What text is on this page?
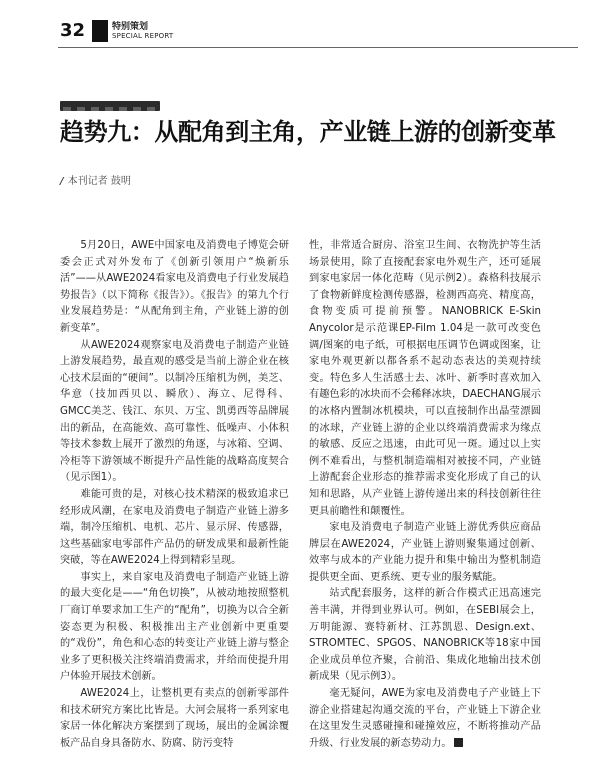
32	特别策划
SPECIAL REPORT
趋势九：从配角到主角，产业链上游的创新变革
/ 本刊记者 鼓明

5月20日，AWE中国家电及消费电子博览会研委会正式对外发布了《创新引领用户“焕新乐活”——从AWE2024看家电及消费电子行业发展趋势报告》（以下简称《报告》）。《报告》的第九个行业发展趋势是：“从配角到主角，产业链上游的创新变革”。

从AWE2024观察家电及消费电子制造产业链上游发展趋势，最直观的感受是当前上游企业在核心技术层面的“硬间”。以制冷压缩机为例，美芝、华意（技加西贝以、瞬欣）、海立、尼得科、GMCC美芝、钱江、东贝、万宝、凯勇西等品牌展出的新品，在高能效、高可靠性、低噪声、小体积等技术参数上展开了激烈的角逐，与冰箱、空调、冷柜等下游领域不断提升产品性能的战略高度契合（见示图1）。

难能可贵的是，对核心技术精深的极致追求已经形成风潮，在家电及消费电子制造产业链上游多端，制冷压缩机、电机、芯片、显示屏、传感器，这些基础家电零部件产品仍的研发成果和最新性能突破，等在AWE2024上得到精彩呈现。

事实上，来自家电及消费电子制造产业链上游的最大变化是——“角色切换”，从被动地按照整机厂商订单要求加工生产的“配角”，切换为以合全新姿态更为积极、积极推出主产业创新中更重要的“戏份”，角色和心态的转变让产业链上游与整企业多了更积极关注终端消费需求，并给而使提升用户体验开展技术创新。

AWE2024上，让整机更有卖点的创新零部件和技术研究方案比比皆是。大河会展将一系列家电家居一体化解决方案摆到了现场，展出的金属涂覆板产品自身具备防水、防腐、防污变特

性，非常适合厨房、浴室卫生间、衣物洗护等生活场景使用，除了直接配套家电外观生产，还可延展到家电家居一体化范畴（见示例2）。森格科技展示了食物新鲜度检测传感器，检测西高亮、精度高，食物变质可提前预警。NANOBRICK E-Skin Anycolor是示范课EP-Film 1.04是一款可改变色调/图案的电子纸，可根据电压调节色调或图案，让家电外观更新以都各系不起动态表达的美观持续变。特色多人生活感士去、冰叶、新季时喜欢加入有趣色彩的冰块而不会稀释冰块，DAECHANG展示的冰格内置制冰机模块，可以直接制作出晶莹漂圆的冰球，产业链上游的企业以终端消费需求为缘点的敏感、反应之迅速，由此可见一斑。通过以上实例不难看出，与整机制造端相对被接不同，产业链上游配套企业形态的推荐需求变化形成了自己的认知和思路，从产业链上游传递出来的科技创新往往更具前瞻性和颠覆性。

家电及消费电子制造产业链上游优秀供应商品牌层在AWE2024，产业链上游则聚集通过创新、效率与成本的产业能力提升和集中输出为整机制造提供更全面、更系统、更专业的服务赋能。

站式配套服务，这样的新合作模式正迅高速完善丰满，并得到业界认可。例如，在SEBI展会上，万明能源、赛特新材、江苏凯恩、Design.ext、STROMTEC、SPGOS、NANOBRICK等18家中国企业成员单位齐聚，合前沿、集成化地输出技术创新成果（见示例3）。

毫无疑问，AWE为家电及消费电子产业链上下游企业搭建起沟通交流的平台，产业链上下游企业在这里发生灵感碰撞和碰撞效应，不断将推动产品升级、行业发展的新态势动力。
